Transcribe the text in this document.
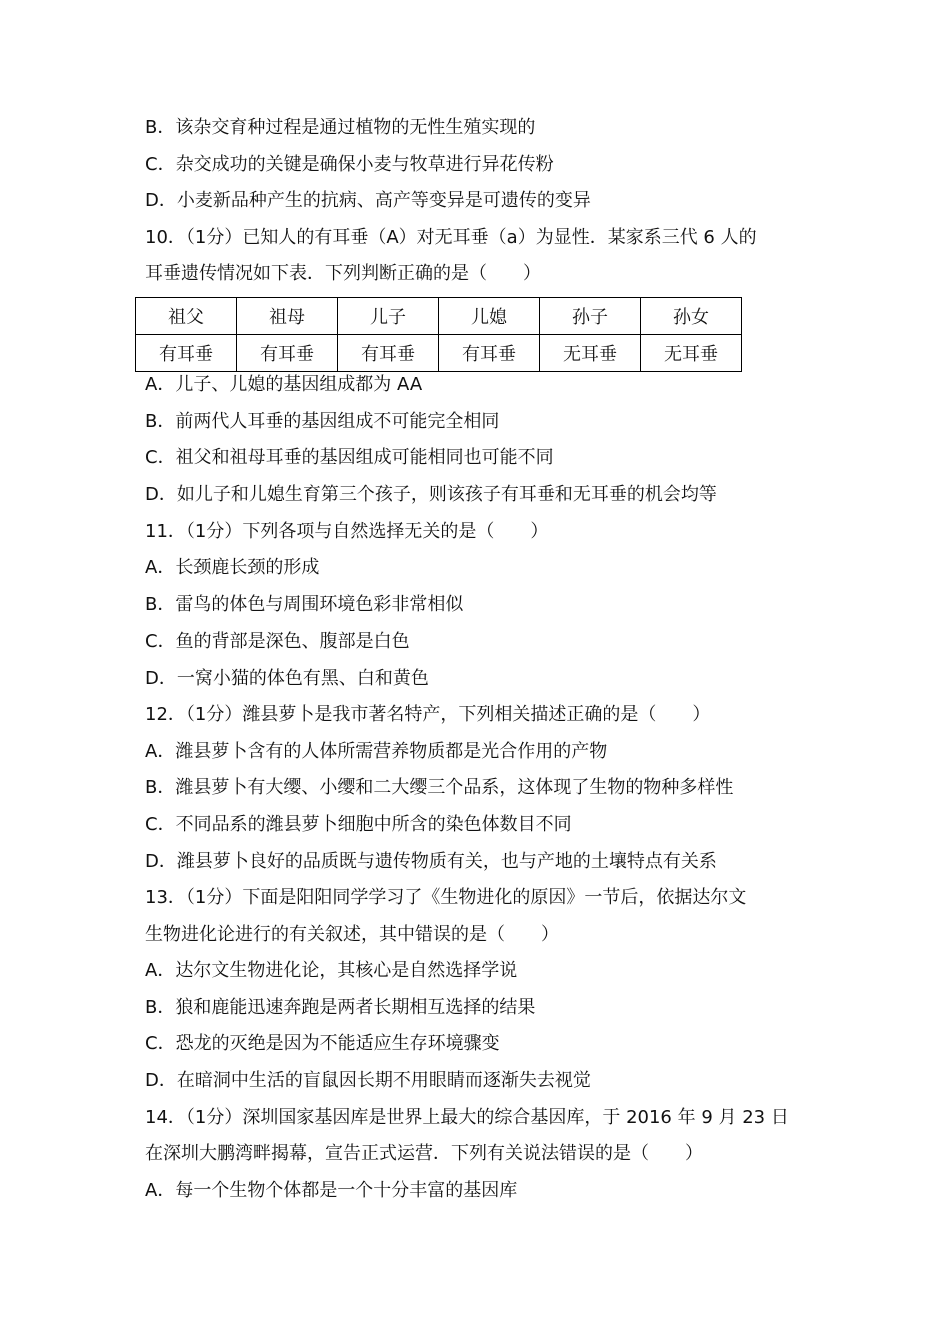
B．该杂交育种过程是通过植物的无性生殖实现的
C．杂交成功的关键是确保小麦与牧草进行异花传粉
D．小麦新品种产生的抗病、高产等变异是可遗传的变异
10．（1分）已知人的有耳垂（A）对无耳垂（a）为显性．某家系三代 6 人的
耳垂遗传情况如下表．下列判断正确的是（　　）
祖父	祖母	儿子	儿媳	孙子	孙女
有耳垂	有耳垂	有耳垂	有耳垂	无耳垂	无耳垂
A．儿子、儿媳的基因组成都为 AA
B．前两代人耳垂的基因组成不可能完全相同
C．祖父和祖母耳垂的基因组成可能相同也可能不同
D．如儿子和儿媳生育第三个孩子，则该孩子有耳垂和无耳垂的机会均等
11．（1分）下列各项与自然选择无关的是（　　）
A．长颈鹿长颈的形成
B．雷鸟的体色与周围环境色彩非常相似
C．鱼的背部是深色、腹部是白色
D．一窝小猫的体色有黑、白和黄色
12．（1分）潍县萝卜是我市著名特产，下列相关描述正确的是（　　）
A．潍县萝卜含有的人体所需营养物质都是光合作用的产物
B．潍县萝卜有大缨、小缨和二大缨三个品系，这体现了生物的物种多样性
C．不同品系的潍县萝卜细胞中所含的染色体数目不同
D．潍县萝卜良好的品质既与遗传物质有关，也与产地的土壤特点有关系
13．（1分）下面是阳阳同学学习了《生物进化的原因》一节后，依据达尔文
生物进化论进行的有关叙述，其中错误的是（　　）
A．达尔文生物进化论，其核心是自然选择学说
B．狼和鹿能迅速奔跑是两者长期相互选择的结果
C．恐龙的灭绝是因为不能适应生存环境骤变
D．在暗洞中生活的盲鼠因长期不用眼睛而逐渐失去视觉
14．（1分）深圳国家基因库是世界上最大的综合基因库，于 2016 年 9 月 23 日
在深圳大鹏湾畔揭幕，宣告正式运营．下列有关说法错误的是（　　）
A．每一个生物个体都是一个十分丰富的基因库
